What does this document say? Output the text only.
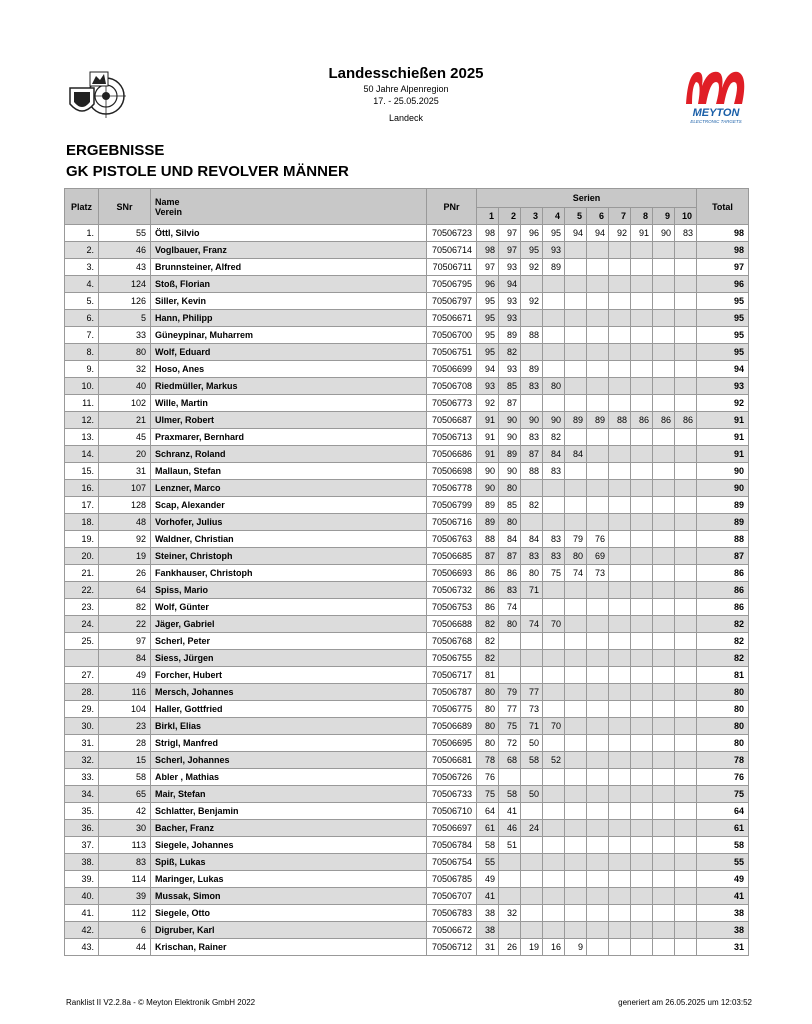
Landesschießen 2025
50 Jahre Alpenregion
17. - 25.05.2025
Landeck	MEYTON
ELECTRONIC TARGETS
ERGEBNISSE
GK PISTOLE UND REVOLVER MÄNNER
Platz	SNr	Name
Verein	PNr	Serien										Total
				1	2	3	4	5	6	7	8	9	10	
1.	55	Öttl, Silvio	70506723	98	97	96	95	94	94	92	91	90	83	98
2.	46	Voglbauer, Franz	70506714	98	97	95	93							98
3.	43	Brunnsteiner, Alfred	70506711	97	93	92	89							97
4.	124	Stoß, Florian	70506795	96	94									96
5.	126	Siller, Kevin	70506797	95	93	92								95
6.	5	Hann, Philipp	70506671	95	93									95
7.	33	Güneypinar, Muharrem	70506700	95	89	88								95
8.	80	Wolf, Eduard	70506751	95	82									95
9.	32	Hoso, Anes	70506699	94	93	89								94
10.	40	Riedmüller, Markus	70506708	93	85	83	80							93
11.	102	Wille, Martin	70506773	92	87									92
12.	21	Ulmer, Robert	70506687	91	90	90	90	89	89	88	86	86	86	91
13.	45	Praxmarer, Bernhard	70506713	91	90	83	82							91
14.	20	Schranz, Roland	70506686	91	89	87	84	84						91
15.	31	Mallaun, Stefan	70506698	90	90	88	83							90
16.	107	Lenzner, Marco	70506778	90	80									90
17.	128	Scap, Alexander	70506799	89	85	82								89
18.	48	Vorhofer, Julius	70506716	89	80									89
19.	92	Waldner, Christian	70506763	88	84	84	83	79	76					88
20.	19	Steiner, Christoph	70506685	87	87	83	83	80	69					87
21.	26	Fankhauser, Christoph	70506693	86	86	80	75	74	73					86
22.	64	Spiss, Mario	70506732	86	83	71								86
23.	82	Wolf, Günter	70506753	86	74									86
24.	22	Jäger, Gabriel	70506688	82	80	74	70							82
25.	97	Scherl, Peter	70506768	82										82
	84	Siess, Jürgen	70506755	82										82
27.	49	Forcher, Hubert	70506717	81										81
28.	116	Mersch, Johannes	70506787	80	79	77								80
29.	104	Haller, Gottfried	70506775	80	77	73								80
30.	23	Birkl, Elias	70506689	80	75	71	70							80
31.	28	Strigl, Manfred	70506695	80	72	50								80
32.	15	Scherl, Johannes	70506681	78	68	58	52							78
33.	58	Abler , Mathias	70506726	76										76
34.	65	Mair, Stefan	70506733	75	58	50								75
35.	42	Schlatter, Benjamin	70506710	64	41									64
36.	30	Bacher, Franz	70506697	61	46	24								61
37.	113	Siegele, Johannes	70506784	58	51									58
38.	83	Spiß, Lukas	70506754	55										55
39.	114	Maringer, Lukas	70506785	49										49
40.	39	Mussak, Simon	70506707	41										41
41.	112	Siegele, Otto	70506783	38	32									38
42.	6	Digruber, Karl	70506672	38										38
43.	44	Krischan, Rainer	70506712	31	26	19	16	9						31
Ranklist II V2.2.8a - © Meyton Elektronik GmbH 2022	generiert am 26.05.2025 um 12:03:52
